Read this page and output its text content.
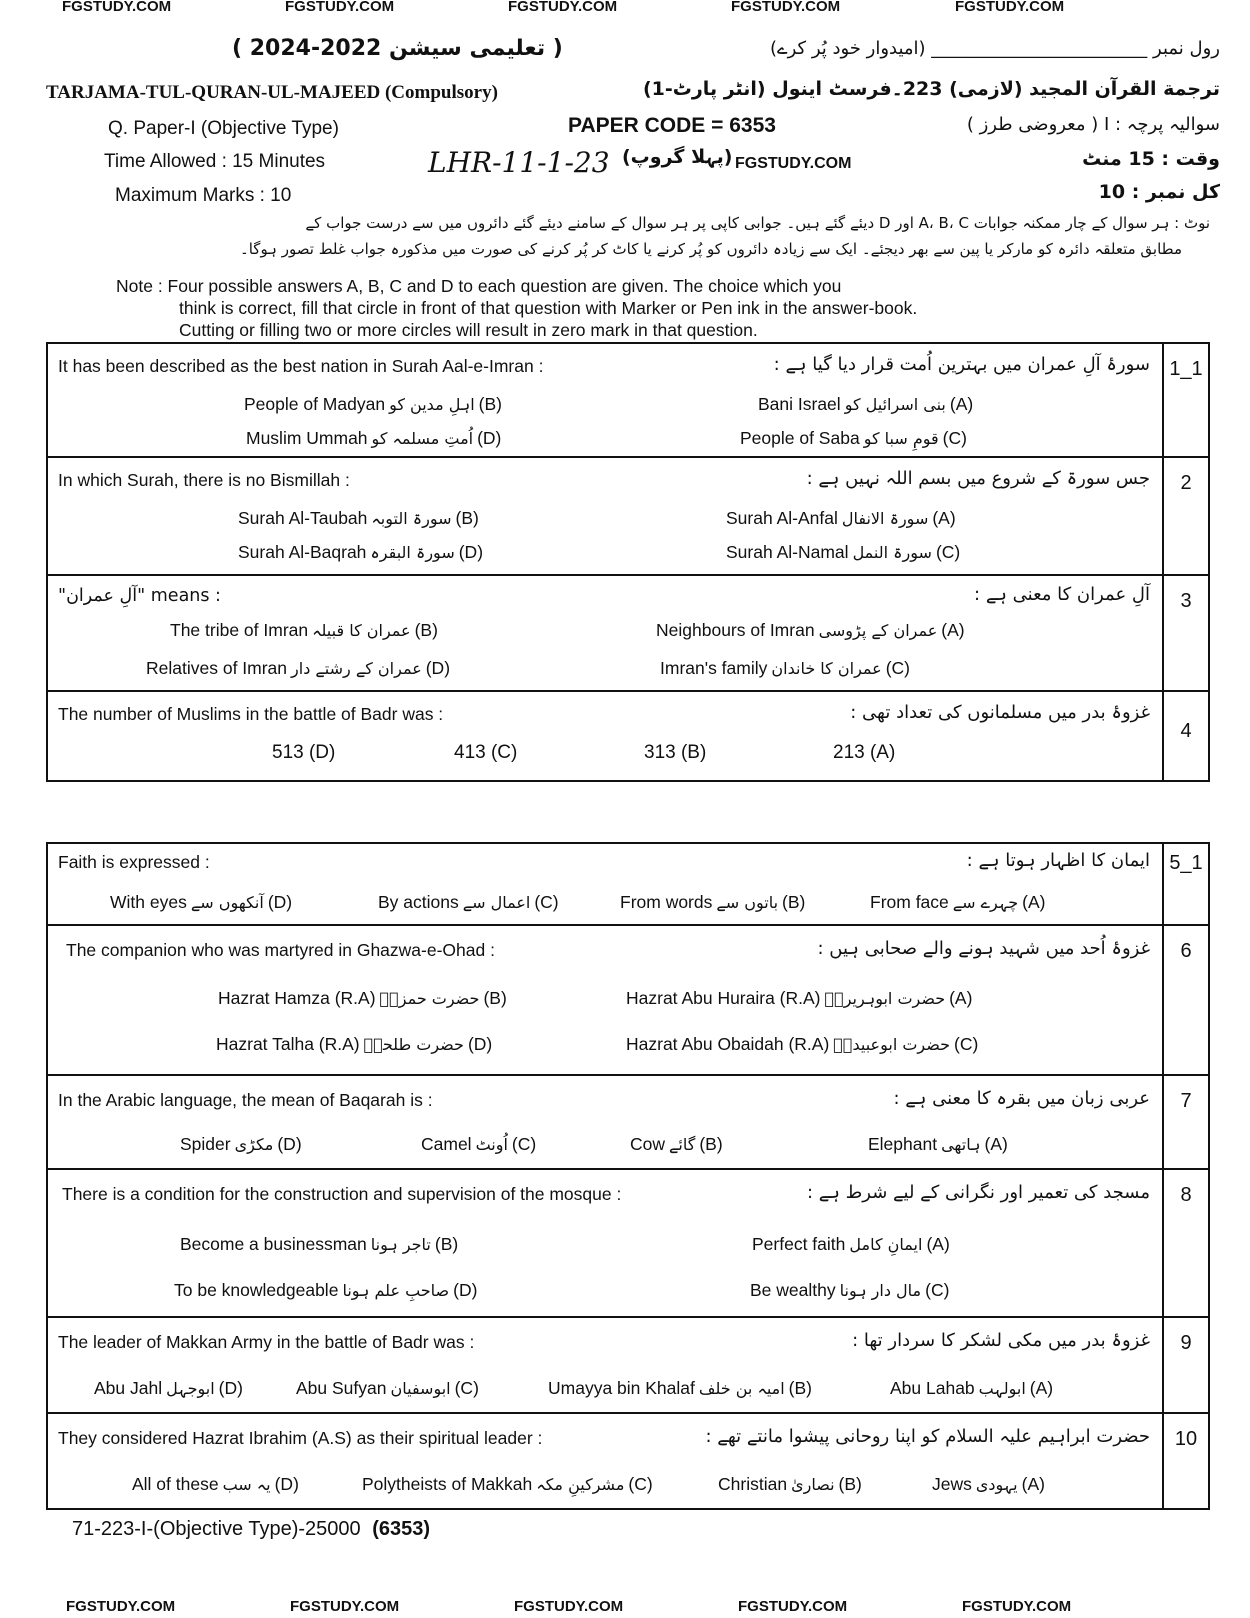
FGSTUDY.COM	FGSTUDY.COM	FGSTUDY.COM	FGSTUDY.COM	FGSTUDY.COM
رول نمبر ________________________ (امیدوار خود پُر کرے)
( تعلیمی سیشن 2022-2024 )
TARJAMA-TUL-QURAN-UL-MAJEED (Compulsory)	ترجمة القرآن المجید (لازمی) 223۔فرسٹ اینول (انٹر پارٹ-1)
Q. Paper-I (Objective Type)	PAPER CODE = 6353	سوالیہ پرچہ : I ( معروضی طرز )
Time Allowed : 15 Minutes	LHR-11-1-23 (پہلا گروپ) FGSTUDY.COM	وقت : 15 منٹ
Maximum Marks : 10	کل نمبر : 10
نوٹ : ہر سوال کے چار ممکنہ جوابات A، B، C اور D دیئے گئے ہیں۔ جوابی کاپی پر ہر سوال کے سامنے دیئے گئے دائروں میں سے درست جواب کے
مطابق متعلقہ دائرہ کو مارکر یا پین سے بھر دیجئے۔ ایک سے زیادہ دائروں کو پُر کرنے یا کاٹ کر پُر کرنے کی صورت میں مذکورہ جواب غلط تصور ہوگا۔
Note : Four possible answers A, B, C and D to each question are given. The choice which you
think is correct, fill that circle in front of that question with Marker or Pen ink in the answer-book.
Cutting or filling two or more circles will result in zero mark in that question.
It has been described as the best nation in Surah Aal-e-Imran :	سورۂ آلِ عمران میں بہترین اُمت قرار دیا گیا ہے :
People of Madyan اہلِ مدین کو (B)	Bani Israel بنی اسرائیل کو (A)
Muslim Ummah اُمتِ مسلمہ کو (D)	People of Saba قومِ سبا کو (C)
1_1
In which Surah, there is no Bismillah :	جس سورۃ کے شروع میں بسم اللہ نہیں ہے :
Surah Al-Taubah سورۃ التوبہ (B)	Surah Al-Anfal سورۃ الانفال (A)
Surah Al-Baqrah سورۃ البقرہ (D)	Surah Al-Namal سورۃ النمل (C)
2
"آلِ عمران" means :	آلِ عمران کا معنی ہے :
The tribe of Imran عمران کا قبیلہ (B)	Neighbours of Imran عمران کے پڑوسی (A)
Relatives of Imran عمران کے رشتے دار (D)	Imran's family عمران کا خاندان (C)
3
The number of Muslims in the battle of Badr was :	غزوۂ بدر میں مسلمانوں کی تعداد تھی :
513 (D)	413 (C)	313 (B)	213 (A)
4
Faith is expressed :	ایمان کا اظہار ہوتا ہے :
With eyes آنکھوں سے (D)	By actions اعمال سے (C)	From words باتوں سے (B)	From face چہرے سے (A)
5_1
The companion who was martyred in Ghazwa-e-Ohad :	غزوۂ اُحد میں شہید ہونے والے صحابی ہیں :
Hazrat Hamza (R.A) حضرت حمزہؓ (B)	Hazrat Abu Huraira (R.A) حضرت ابوہریرہؓ (A)
Hazrat Talha (R.A) حضرت طلحہؓ (D)	Hazrat Abu Obaidah (R.A) حضرت ابوعبیدہؓ (C)
6
In the Arabic language, the mean of Baqarah is :	عربی زبان میں بقرہ کا معنی ہے :
Spider مکڑی (D)	Camel اُونٹ (C)	Cow گائے (B)	Elephant ہاتھی (A)
7
There is a condition for the construction and supervision of the mosque :	مسجد کی تعمیر اور نگرانی کے لیے شرط ہے :
Become a businessman تاجر ہونا (B)	Perfect faith ایمانِ کامل (A)
To be knowledgeable صاحبِ علم ہونا (D)	Be wealthy مال دار ہونا (C)
8
The leader of Makkan Army in the battle of Badr was :	غزوۂ بدر میں مکی لشکر کا سردار تھا :
Abu Jahl ابوجہل (D)	Abu Sufyan ابوسفیان (C)	Umayya bin Khalaf امیہ بن خلف (B)	Abu Lahab ابولہب (A)
9
They considered Hazrat Ibrahim (A.S) as their spiritual leader :	حضرت ابراہیم علیہ السلام کو اپنا روحانی پیشوا مانتے تھے :
All of these یہ سب (D)	Polytheists of Makkah مشرکینِ مکہ (C)	Christian نصاریٰ (B)	Jews یہودی (A)
10
71-223-I-(Objective Type)-25000 (6353)
FGSTUDY.COM	FGSTUDY.COM	FGSTUDY.COM	FGSTUDY.COM	FGSTUDY.COM
